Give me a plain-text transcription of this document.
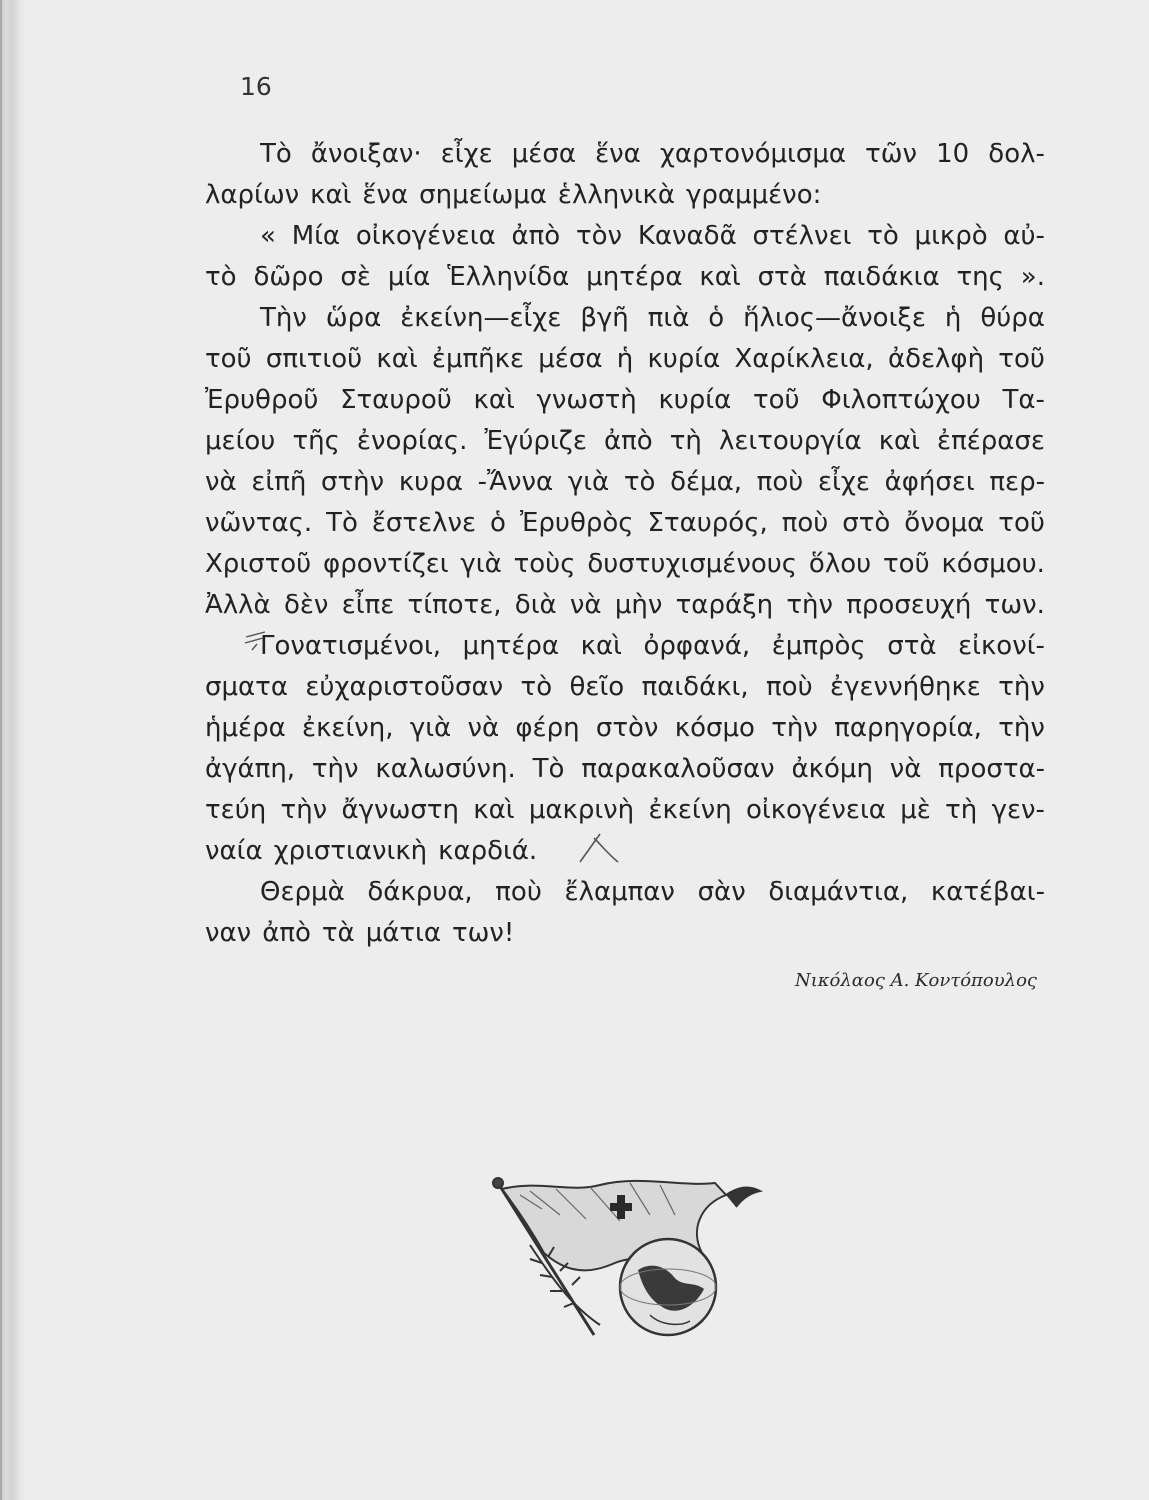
16
Τὸ ἄνοιξαν· εἶχε μέσα ἕνα χαρτονόμισμα τῶν 10 δολ-
λαρίων καὶ ἕνα σημείωμα ἑλληνικὰ γραμμένο:
« Μία οἰκογένεια ἀπὸ τὸν Καναδᾶ στέλνει τὸ μικρὸ αὐ-
τὸ δῶρο σὲ μία Ἑλληνίδα μητέρα καὶ στὰ παιδάκια της ».
Τὴν ὥρα ἐκείνη—εἶχε βγῆ πιὰ ὁ ἥλιος—ἄνοιξε ἡ θύρα
τοῦ σπιτιοῦ καὶ ἐμπῆκε μέσα ἡ κυρία Χαρίκλεια, ἀδελφὴ τοῦ
Ἐρυθροῦ Σταυροῦ καὶ γνωστὴ κυρία τοῦ Φιλοπτώχου Τα-
μείου τῆς ἐνορίας. Ἐγύριζε ἀπὸ τὴ λειτουργία καὶ ἐπέρασε
νὰ εἰπῆ στὴν κυρα -Ἄννα γιὰ τὸ δέμα, ποὺ εἶχε ἀφήσει περ-
νῶντας. Τὸ ἔστελνε ὁ Ἐρυθρὸς Σταυρός, ποὺ στὸ ὄνομα τοῦ
Χριστοῦ φροντίζει γιὰ τοὺς δυστυχισμένους ὅλου τοῦ κόσμου.
Ἀλλὰ δὲν εἶπε τίποτε, διὰ νὰ μὴν ταράξη τὴν προσευχή των.
Γονατισμένοι, μητέρα καὶ ὀρφανά, ἐμπρὸς στὰ εἰκονί-
σματα εὐχαριστοῦσαν τὸ θεῖο παιδάκι, ποὺ ἐγεννήθηκε τὴν
ἡμέρα ἐκείνη, γιὰ νὰ φέρη στὸν κόσμο τὴν παρηγορία, τὴν
ἀγάπη, τὴν καλωσύνη. Τὸ παρακαλοῦσαν ἀκόμη νὰ προστα-
τεύη τὴν ἄγνωστη καὶ μακρινὴ ἐκείνη οἰκογένεια μὲ τὴ γεν-
ναία χριστιανικὴ καρδιά.
Θερμὰ δάκρυα, ποὺ ἔλαμπαν σὰν διαμάντια, κατέβαι-
ναν ἀπὸ τὰ μάτια των!
Νικόλαος Α. Κοντόπουλος
